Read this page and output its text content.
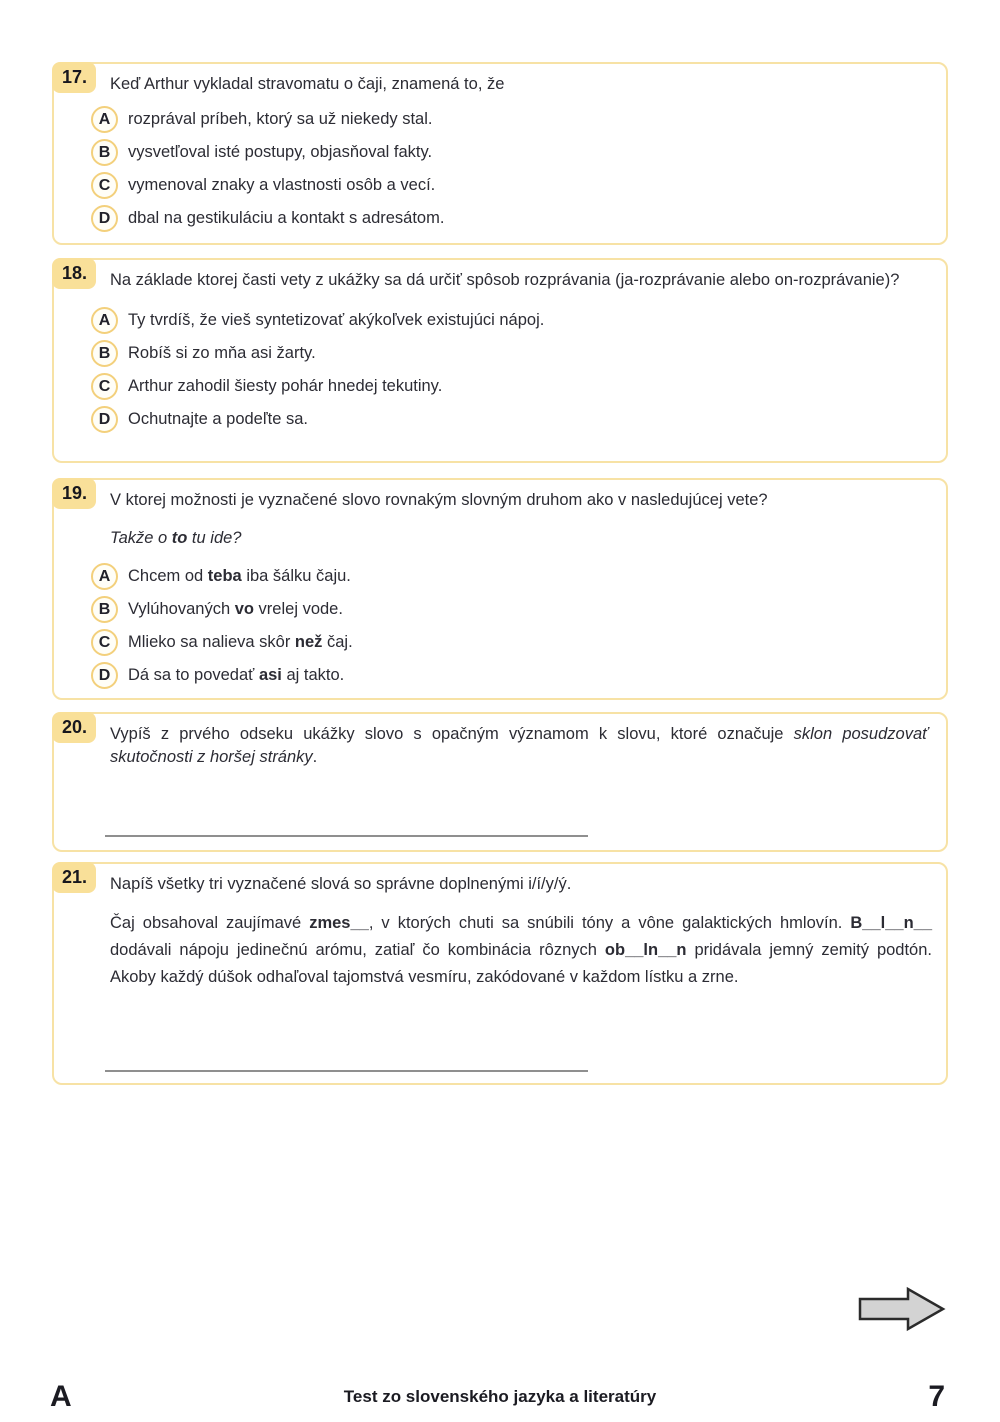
17.	Keď Arthur vykladal stravomatu o čaji, znamená to, že
A	rozprával príbeh, ktorý sa už niekedy stal.
B	vysvetľoval isté postupy, objasňoval fakty.
C	vymenoval znaky a vlastnosti osôb a vecí.
D	dbal na gestikuláciu a kontakt s adresátom.
18.	Na základe ktorej časti vety z ukážky sa dá určiť spôsob rozprávania (ja-rozprávanie alebo on-rozprávanie)?
A	Ty tvrdíš, že vieš syntetizovať akýkoľvek existujúci nápoj.
B	Robíš si zo mňa asi žarty.
C	Arthur zahodil šiesty pohár hnedej tekutiny.
D	Ochutnajte a podeľte sa.
19.	V ktorej možnosti je vyznačené slovo rovnakým slovným druhom ako v nasledujúcej vete?
Takže o to tu ide?
A	Chcem od teba iba šálku čaju.
B	Vylúhovaných vo vrelej vode.
C	Mlieko sa nalieva skôr než čaj.
D	Dá sa to povedať asi aj takto.
20.	Vypíš z prvého odseku ukážky slovo s opačným významom k slovu, ktoré označuje sklon posudzovať skutočnosti z horšej stránky.
21.	Napíš všetky tri vyznačené slová so správne doplnenými i/í/y/ý.
Čaj obsahoval zaujímavé zmes__, v ktorých chuti sa snúbili tóny a vône galaktických hmlovín. B__l__n__ dodávali nápoju jedinečnú arómu, zatiaľ čo kombinácia rôznych ob__ln__n pridávala jemný zemitý podtón. Akoby každý dúšok odhaľoval tajomstvá vesmíru, zakódované v každom lístku a zrne.
A	Test zo slovenského jazyka a literatúry	7
